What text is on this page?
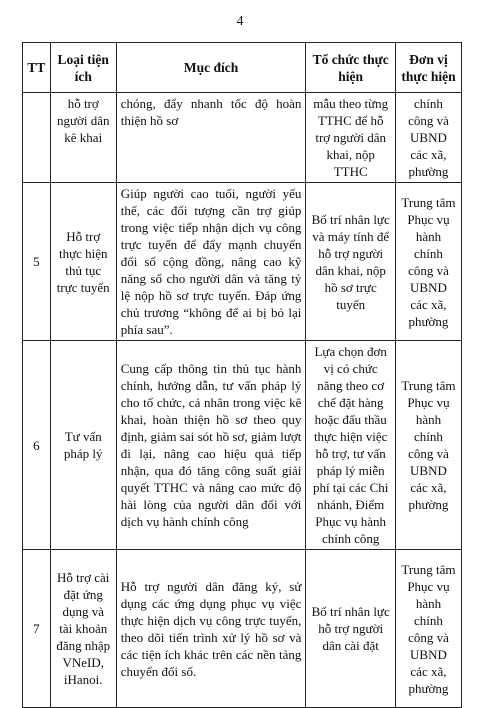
4
TT	Loại tiện ích	Mục đích	Tổ chức thực hiện	Đơn vị thực hiện
	hỗ trợ người dân kê khai	chóng, đẩy nhanh tốc độ hoàn thiện hồ sơ	mẫu theo từng TTHC để hỗ trợ người dân khai, nộp TTHC	chính công và UBND các xã, phường
5	Hỗ trợ thực hiện thủ tục trực tuyến	Giúp người cao tuổi, người yếu thế, các đối tượng cần trợ giúp trong việc tiếp nhận dịch vụ công trực tuyến để đẩy mạnh chuyển đổi số cộng đồng, nâng cao kỹ năng số cho người dân và tăng tỷ lệ nộp hồ sơ trực tuyến. Đáp ứng chủ trương “không để ai bị bỏ lại phía sau”.	Bố trí nhân lực và máy tính để hỗ trợ người dân khai, nộp hồ sơ trực tuyến	Trung tâm Phục vụ hành chính công và UBND các xã, phường
6	Tư vấn pháp lý	Cung cấp thông tin thủ tục hành chính, hướng dẫn, tư vấn pháp lý cho tổ chức, cá nhân trong việc kê khai, hoàn thiện hồ sơ theo quy định, giảm sai sót hồ sơ, giảm lượt đi lại, nâng cao hiệu quả tiếp nhận, qua đó tăng công suất giải quyết TTHC và nâng cao mức độ hài lòng của người dân đối với dịch vụ hành chính công	Lựa chọn đơn vị có chức năng theo cơ chế đặt hàng hoặc đấu thầu thực hiện việc hỗ trợ, tư vấn pháp lý miễn phí tại các Chi nhánh, Điểm Phục vụ hành chính công	Trung tâm Phục vụ hành chính công và UBND các xã, phường
7	Hỗ trợ cài đặt ứng dụng và tài khoản đăng nhập VNeID, iHanoi.	Hỗ trợ người dân đăng ký, sử dụng các ứng dụng phục vụ việc thực hiện dịch vụ công trực tuyến, theo dõi tiến trình xử lý hồ sơ và các tiện ích khác trên các nền tảng chuyển đổi số.	Bố trí nhân lực hỗ trợ người dân cài đặt	Trung tâm Phục vụ hành chính công và UBND các xã, phường
